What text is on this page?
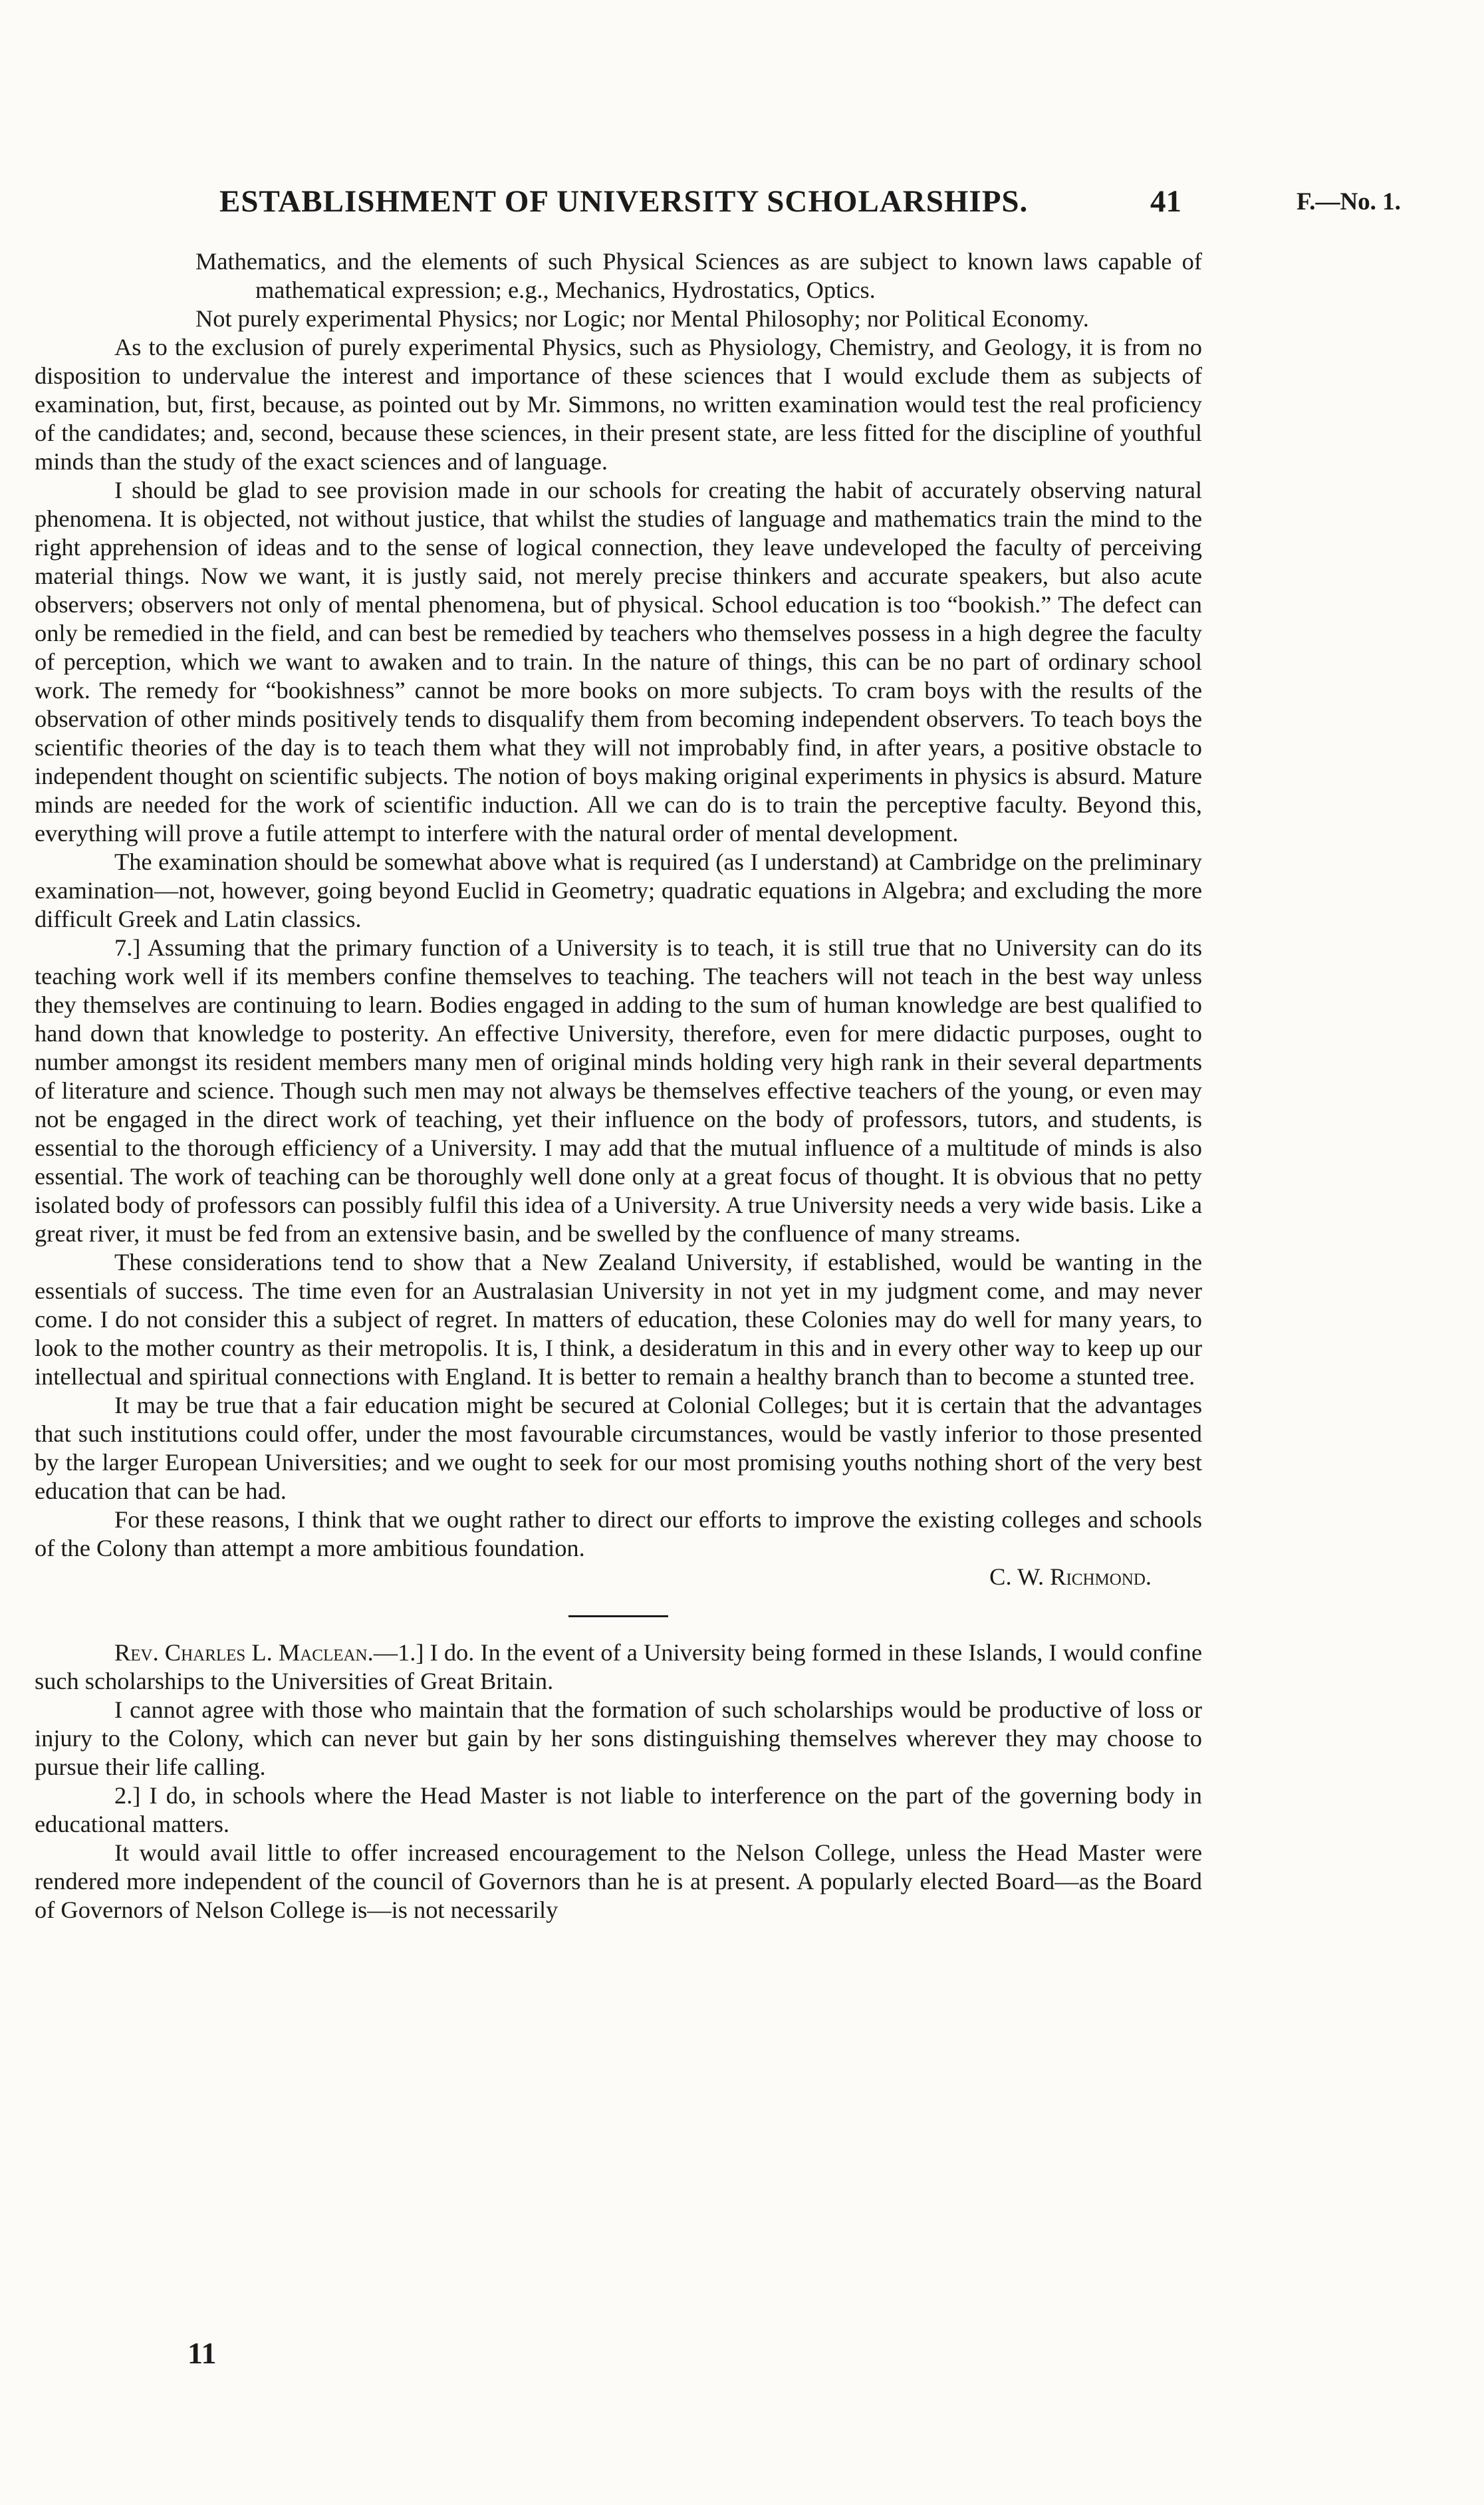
ESTABLISHMENT OF UNIVERSITY SCHOLARSHIPS.	41	F.—No. 1.

Mathematics, and the elements of such Physical Sciences as are subject to known laws capable of mathematical expression; e.g., Mechanics, Hydrostatics, Optics.

Not purely experimental Physics; nor Logic; nor Mental Philosophy; nor Political Economy.

As to the exclusion of purely experimental Physics, such as Physiology, Chemistry, and Geology, it is from no disposition to undervalue the interest and importance of these sciences that I would exclude them as subjects of examination, but, first, because, as pointed out by Mr. Simmons, no written examination would test the real proficiency of the candidates; and, second, because these sciences, in their present state, are less fitted for the discipline of youthful minds than the study of the exact sciences and of language.

I should be glad to see provision made in our schools for creating the habit of accurately observing natural phenomena. It is objected, not without justice, that whilst the studies of language and mathematics train the mind to the right apprehension of ideas and to the sense of logical connection, they leave undeveloped the faculty of perceiving material things. Now we want, it is justly said, not merely precise thinkers and accurate speakers, but also acute observers; observers not only of mental phenomena, but of physical. School education is too “bookish.” The defect can only be remedied in the field, and can best be remedied by teachers who themselves possess in a high degree the faculty of perception, which we want to awaken and to train. In the nature of things, this can be no part of ordinary school work. The remedy for “bookishness” cannot be more books on more subjects. To cram boys with the results of the observation of other minds positively tends to disqualify them from becoming independent observers. To teach boys the scientific theories of the day is to teach them what they will not improbably find, in after years, a positive obstacle to independent thought on scientific subjects. The notion of boys making original experiments in physics is absurd. Mature minds are needed for the work of scientific induction. All we can do is to train the perceptive faculty. Beyond this, everything will prove a futile attempt to interfere with the natural order of mental development.

The examination should be somewhat above what is required (as I understand) at Cambridge on the preliminary examination—not, however, going beyond Euclid in Geometry; quadratic equations in Algebra; and excluding the more difficult Greek and Latin classics.

7.] Assuming that the primary function of a University is to teach, it is still true that no University can do its teaching work well if its members confine themselves to teaching. The teachers will not teach in the best way unless they themselves are continuing to learn. Bodies engaged in adding to the sum of human knowledge are best qualified to hand down that knowledge to posterity. An effective University, therefore, even for mere didactic purposes, ought to number amongst its resident members many men of original minds holding very high rank in their several departments of literature and science. Though such men may not always be themselves effective teachers of the young, or even may not be engaged in the direct work of teaching, yet their influence on the body of professors, tutors, and students, is essential to the thorough efficiency of a University. I may add that the mutual influence of a multitude of minds is also essential. The work of teaching can be thoroughly well done only at a great focus of thought. It is obvious that no petty isolated body of professors can possibly fulfil this idea of a University. A true University needs a very wide basis. Like a great river, it must be fed from an extensive basin, and be swelled by the confluence of many streams.

These considerations tend to show that a New Zealand University, if established, would be wanting in the essentials of success. The time even for an Australasian University in not yet in my judgment come, and may never come. I do not consider this a subject of regret. In matters of education, these Colonies may do well for many years, to look to the mother country as their metropolis. It is, I think, a desideratum in this and in every other way to keep up our intellectual and spiritual connections with England. It is better to remain a healthy branch than to become a stunted tree.

It may be true that a fair education might be secured at Colonial Colleges; but it is certain that the advantages that such institutions could offer, under the most favourable circumstances, would be vastly inferior to those presented by the larger European Universities; and we ought to seek for our most promising youths nothing short of the very best education that can be had.

For these reasons, I think that we ought rather to direct our efforts to improve the existing colleges and schools of the Colony than attempt a more ambitious foundation.

C. W. Richmond.

Rev. Charles L. Maclean.—1.] I do. In the event of a University being formed in these Islands, I would confine such scholarships to the Universities of Great Britain.

I cannot agree with those who maintain that the formation of such scholarships would be productive of loss or injury to the Colony, which can never but gain by her sons distinguishing themselves wherever they may choose to pursue their life calling.

2.] I do, in schools where the Head Master is not liable to interference on the part of the governing body in educational matters.

It would avail little to offer increased encouragement to the Nelson College, unless the Head Master were rendered more independent of the council of Governors than he is at present. A popularly elected Board—as the Board of Governors of Nelson College is—is not necessarily

11
